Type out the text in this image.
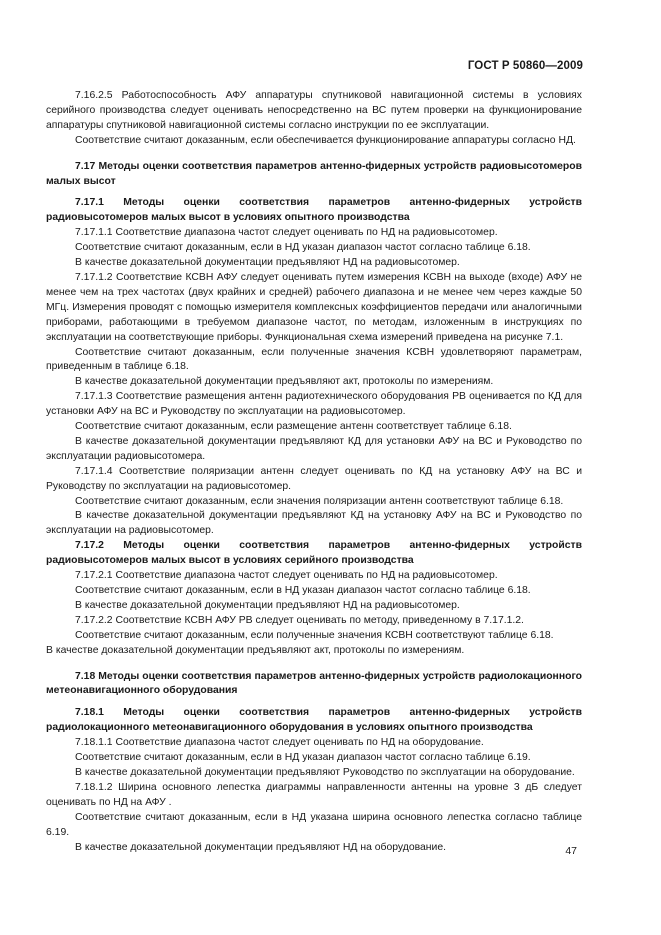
ГОСТ Р 50860—2009

7.16.2.5 Работоспособность АФУ аппаратуры спутниковой навигационной системы в условиях серийного производства следует оценивать непосредственно на ВС путем проверки на функционирование аппаратуры спутниковой навигационной системы согласно инструкции по ее эксплуатации.

Соответствие считают доказанным, если обеспечивается функционирование аппаратуры согласно НД.

7.17 Методы оценки соответствия параметров антенно-фидерных устройств радиовысотомеров малых высот

7.17.1 Методы оценки соответствия параметров антенно-фидерных устройств радиовысотомеров малых высот в условиях опытного производства

7.17.1.1 Соответствие диапазона частот следует оценивать по НД на радиовысотомер.

Соответствие считают доказанным, если в НД указан диапазон частот согласно таблице 6.18.

В качестве доказательной документации предъявляют НД на радиовысотомер.

7.17.1.2 Соответствие КСВН АФУ следует оценивать путем измерения КСВН на выходе (входе) АФУ не менее чем на трех частотах (двух крайних и средней) рабочего диапазона и не менее чем через каждые 50 МГц. Измерения проводят с помощью измерителя комплексных коэффициентов передачи или аналогичными приборами, работающими в требуемом диапазоне частот, по методам, изложенным в инструкциях по эксплуатации на соответствующие приборы. Функциональная схема измерений приведена на рисунке 7.1.

Соответствие считают доказанным, если полученные значения КСВН удовлетворяют параметрам, приведенным в таблице 6.18.

В качестве доказательной документации предъявляют акт, протоколы по измерениям.

7.17.1.3 Соответствие размещения антенн радиотехнического оборудования РВ оценивается по КД для установки АФУ на ВС и Руководству по эксплуатации на радиовысотомер.

Соответствие считают доказанным, если размещение антенн соответствует таблице 6.18.

В качестве доказательной документации предъявляют КД для установки АФУ на ВС и Руководство по эксплуатации радиовысотомера.

7.17.1.4 Соответствие поляризации антенн следует оценивать по КД на установку АФУ на ВС и Руководству по эксплуатации на радиовысотомер.

Соответствие считают доказанным, если значения поляризации антенн соответствуют таблице 6.18.

В качестве доказательной документации предъявляют КД на установку АФУ на ВС и Руководство по эксплуатации на радиовысотомер.

7.17.2 Методы оценки соответствия параметров антенно-фидерных устройств радиовысотомеров малых высот в условиях серийного производства

7.17.2.1 Соответствие диапазона частот следует оценивать по НД на радиовысотомер.

Соответствие считают доказанным, если в НД указан диапазон частот согласно таблице 6.18.

В качестве доказательной документации предъявляют НД на радиовысотомер.

7.17.2.2 Соответствие КСВН АФУ РВ следует оценивать по методу, приведенному в 7.17.1.2.

Соответствие считают доказанным, если полученные значения КСВН соответствуют таблице 6.18.

В качестве доказательной документации предъявляют акт, протоколы по измерениям.

7.18 Методы оценки соответствия параметров антенно-фидерных устройств радиолокационного метеонавигационного оборудования

7.18.1 Методы оценки соответствия параметров антенно-фидерных устройств радиолокационного метеонавигационного оборудования в условиях опытного производства

7.18.1.1 Соответствие диапазона частот следует оценивать по НД на оборудование.

Соответствие считают доказанным, если в НД указан диапазон частот согласно таблице 6.19.

В качестве доказательной документации предъявляют Руководство по эксплуатации на оборудование.

7.18.1.2 Ширина основного лепестка диаграммы направленности антенны на уровне 3 дБ следует оценивать по НД на АФУ .

Соответствие считают доказанным, если в НД указана ширина основного лепестка согласно таблице 6.19.

В качестве доказательной документации предъявляют НД на оборудование.	47
